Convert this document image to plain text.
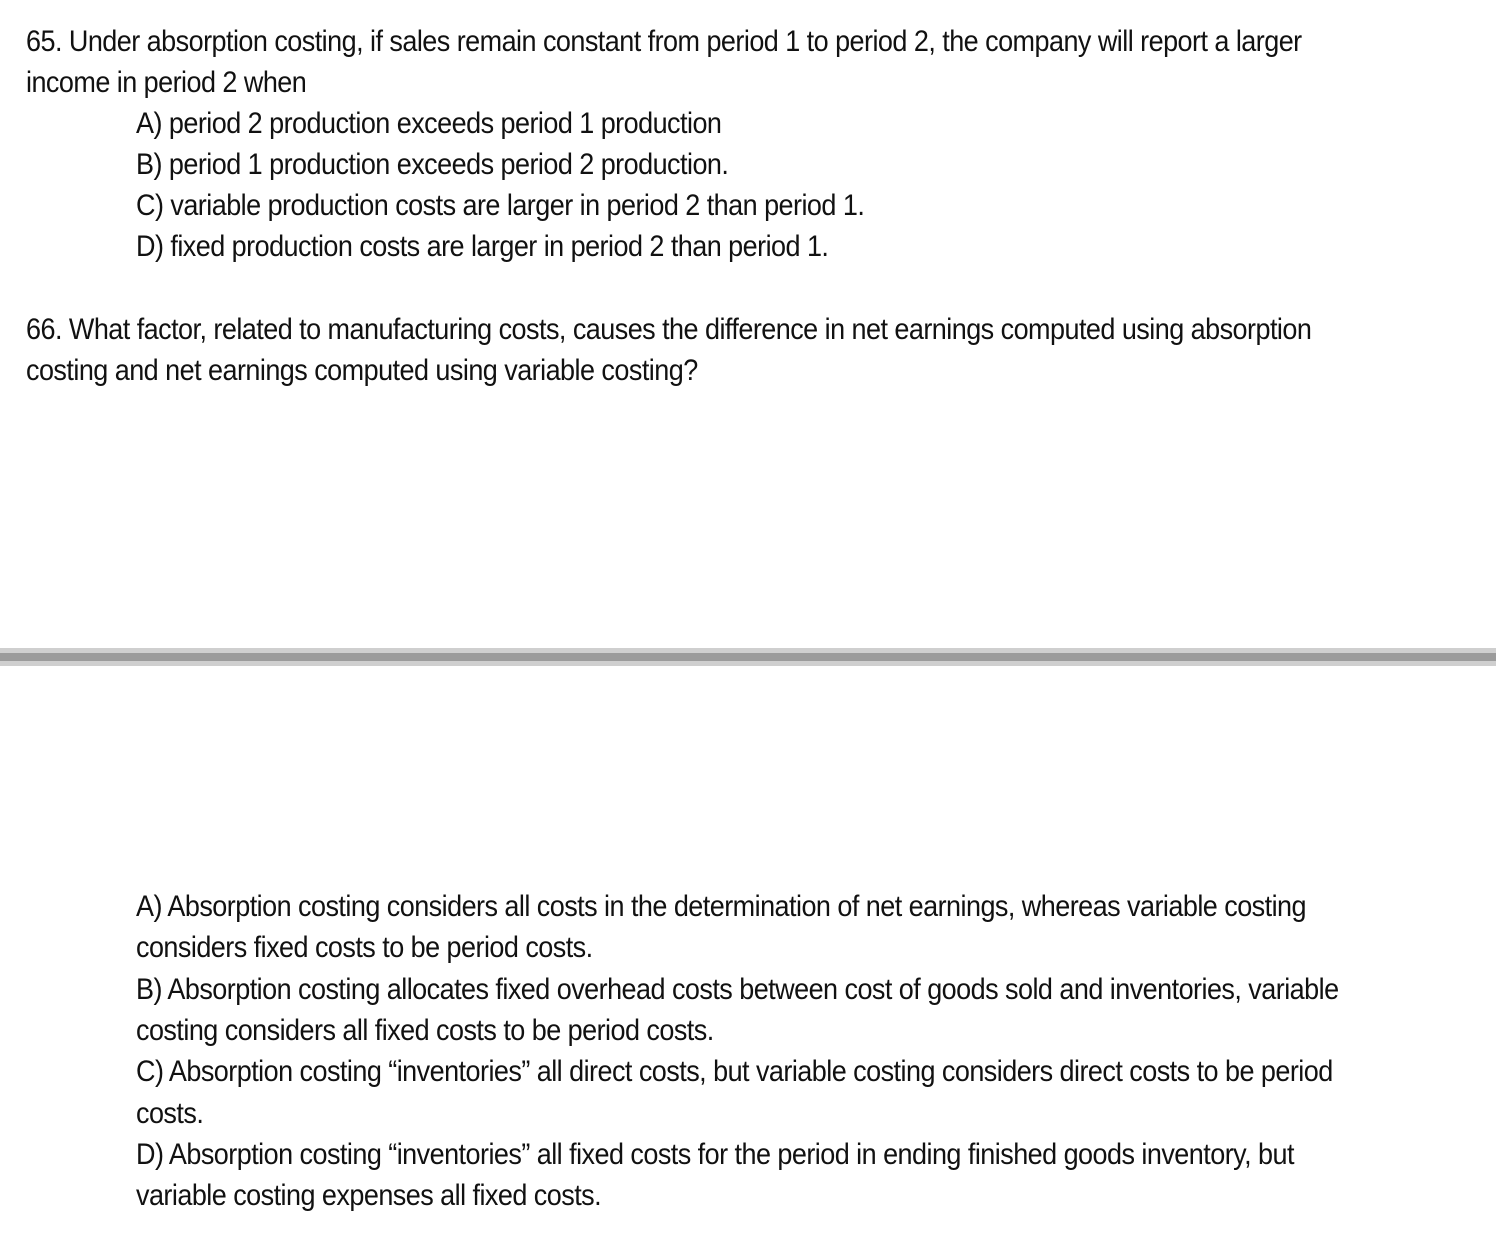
65. Under absorption costing, if sales remain constant from period 1 to period 2, the company will report a larger
income in period 2 when
A) period 2 production exceeds period 1 production
B) period 1 production exceeds period 2 production.
C) variable production costs are larger in period 2 than period 1.
D) fixed production costs are larger in period 2 than period 1.
66. What factor, related to manufacturing costs, causes the difference in net earnings computed using absorption
costing and net earnings computed using variable costing?
A) Absorption costing considers all costs in the determination of net earnings, whereas variable costing
considers fixed costs to be period costs.
B) Absorption costing allocates fixed overhead costs between cost of goods sold and inventories, variable
costing considers all fixed costs to be period costs.
C) Absorption costing “inventories” all direct costs, but variable costing considers direct costs to be period
costs.
D) Absorption costing “inventories” all fixed costs for the period in ending finished goods inventory, but
variable costing expenses all fixed costs.
